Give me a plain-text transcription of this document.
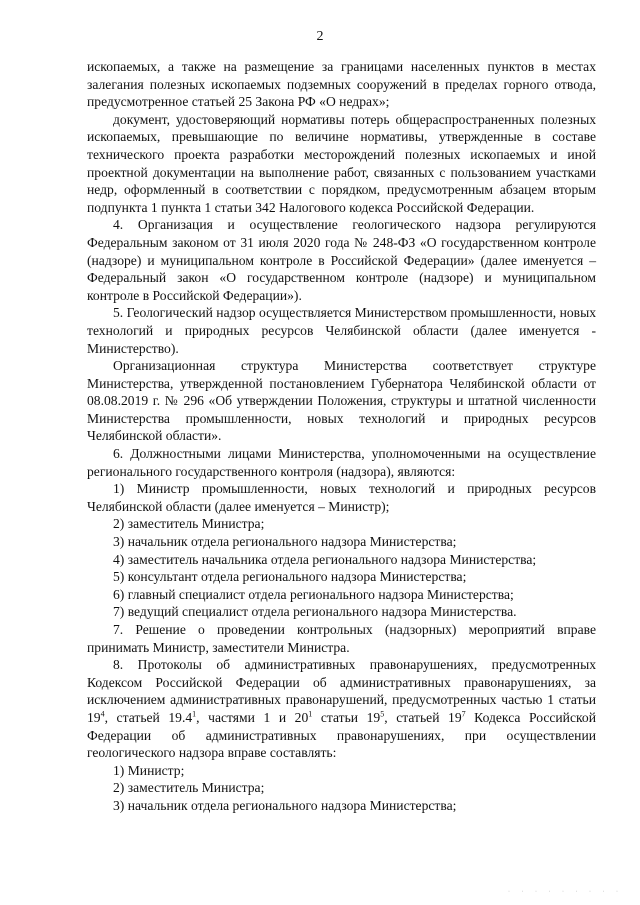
2

ископаемых, а также на размещение за границами населенных пунктов в местах залегания полезных ископаемых подземных сооружений в пределах горного отвода, предусмотренное статьей 25 Закона РФ «О недрах»;

документ, удостоверяющий нормативы потерь общераспространенных полезных ископаемых, превышающие по величине нормативы, утвержденные в составе технического проекта разработки месторождений полезных ископаемых и иной проектной документации на выполнение работ, связанных с пользованием участками недр, оформленный в соответствии с порядком, предусмотренным абзацем вторым подпункта 1 пункта 1 статьи 342 Налогового кодекса Российской Федерации.

4. Организация и осуществление геологического надзора регулируются Федеральным законом от 31 июля 2020 года № 248-ФЗ «О государственном контроле (надзоре) и муниципальном контроле в Российской Федерации» (далее именуется – Федеральный закон «О государственном контроле (надзоре) и муниципальном контроле в Российской Федерации»).

5. Геологический надзор осуществляется Министерством промышленности, новых технологий и природных ресурсов Челябинской области (далее именуется - Министерство).

Организационная структура Министерства соответствует структуре Министерства, утвержденной постановлением Губернатора Челябинской области от 08.08.2019 г. № 296 «Об утверждении Положения, структуры и штатной численности Министерства промышленности, новых технологий и природных ресурсов Челябинской области».

6. Должностными лицами Министерства, уполномоченными на осуществление регионального государственного контроля (надзора), являются:

1) Министр промышленности, новых технологий и природных ресурсов Челябинской области (далее именуется – Министр);

2) заместитель Министра;

3) начальник отдела регионального надзора Министерства;

4) заместитель начальника отдела регионального надзора Министерства;

5) консультант отдела регионального надзора Министерства;

6) главный специалист отдела регионального надзора Министерства;

7) ведущий специалист отдела регионального надзора Министерства.

7. Решение о проведении контрольных (надзорных) мероприятий вправе принимать Министр, заместители Министра.

8. Протоколы об административных правонарушениях, предусмотренных Кодексом Российской Федерации об административных правонарушениях, за исключением административных правонарушений, предусмотренных частью 1 статьи $19^4$, статьей 19.4$^1$, частями 1 и $20^1$ статьи $19^5$, статьей $19^7$ Кодекса Российской Федерации об административных правонарушениях, при осуществлении геологического надзора вправе составлять:

1) Министр;

2) заместитель Министра;

3) начальник отдела регионального надзора Министерства;

· · · · · · · · ·
